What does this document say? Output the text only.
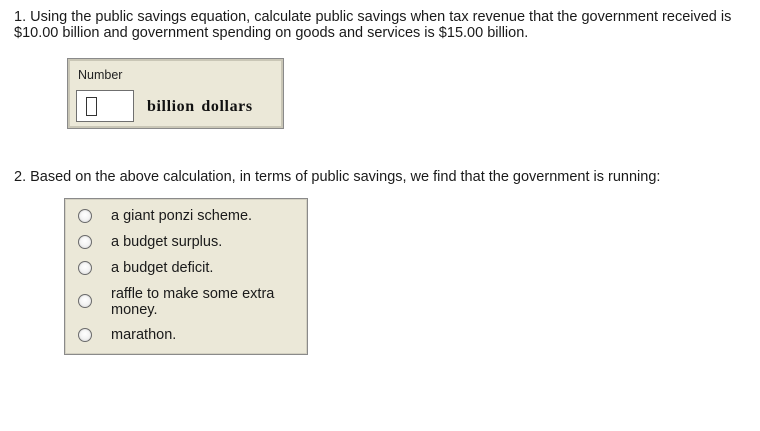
1. Using the public savings equation, calculate public savings when tax revenue that the government received is $10.00 billion and government spending on goods and services is $15.00 billion.
Number
billion dollars
2. Based on the above calculation, in terms of public savings, we find that the government is running:
a giant ponzi scheme.
a budget surplus.
a budget deficit.
raffle to make some extra money.
marathon.
